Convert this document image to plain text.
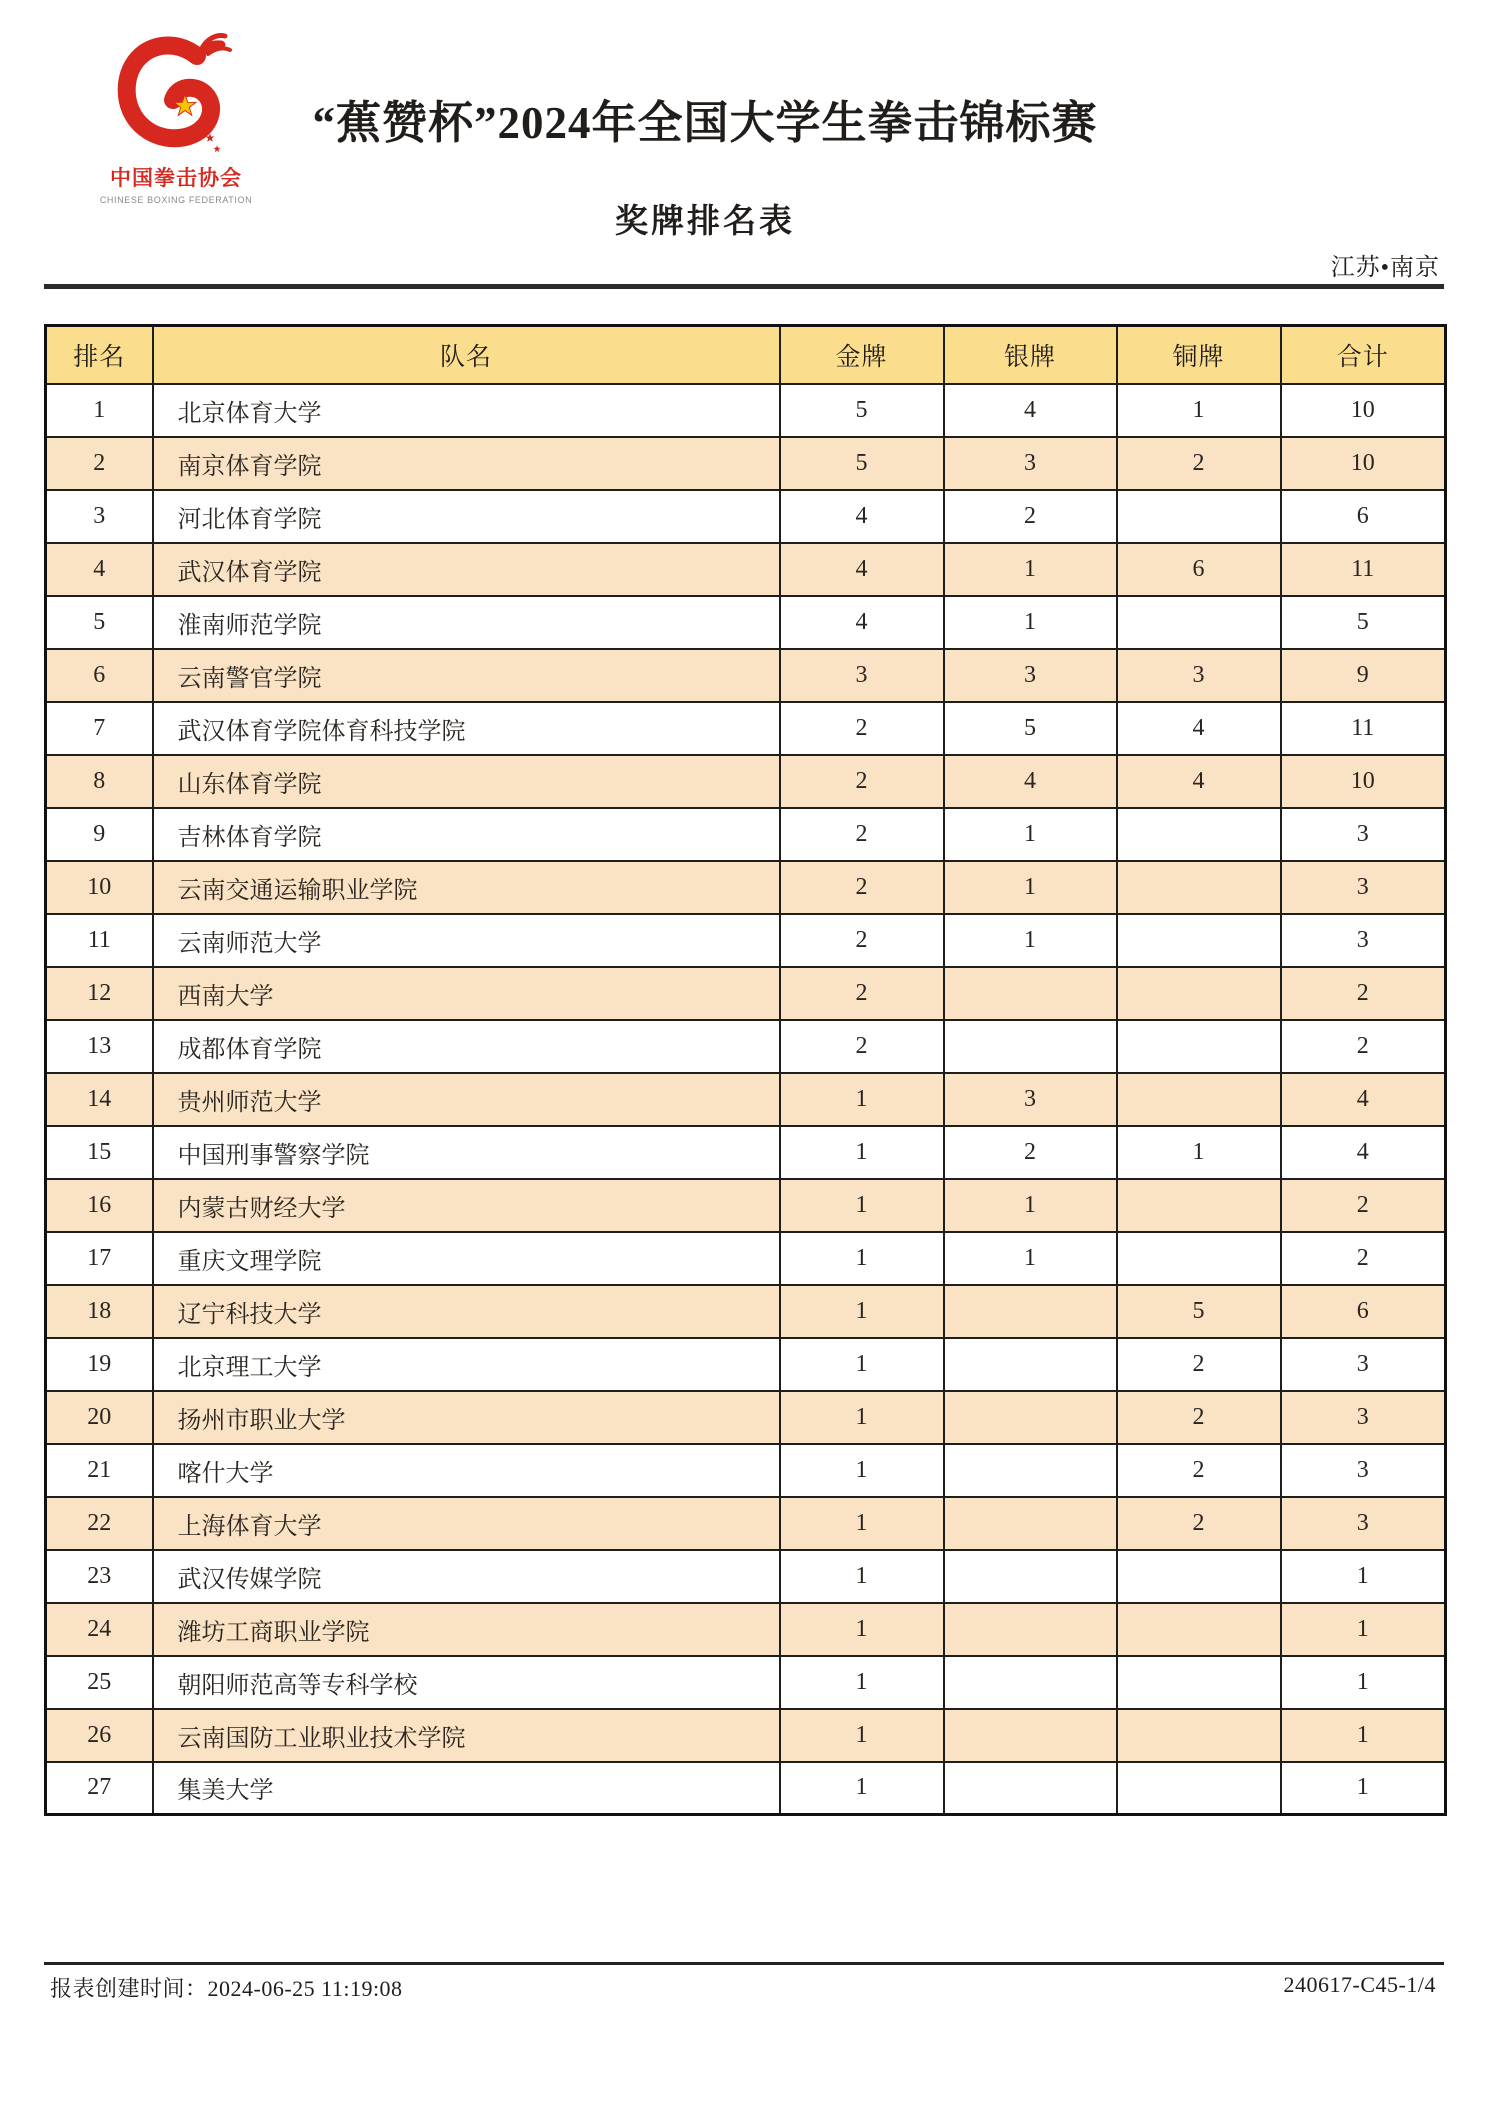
中国拳击协会
CHINESE BOXING FEDERATION
“蕉赞杯”2024年全国大学生拳击锦标赛
奖牌排名表
江苏•南京
排名	队名	金牌	银牌	铜牌	合计
1	北京体育大学	5	4	1	10
2	南京体育学院	5	3	2	10
3	河北体育学院	4	2		6
4	武汉体育学院	4	1	6	11
5	淮南师范学院	4	1		5
6	云南警官学院	3	3	3	9
7	武汉体育学院体育科技学院	2	5	4	11
8	山东体育学院	2	4	4	10
9	吉林体育学院	2	1		3
10	云南交通运输职业学院	2	1		3
11	云南师范大学	2	1		3
12	西南大学	2			2
13	成都体育学院	2			2
14	贵州师范大学	1	3		4
15	中国刑事警察学院	1	2	1	4
16	内蒙古财经大学	1	1		2
17	重庆文理学院	1	1		2
18	辽宁科技大学	1		5	6
19	北京理工大学	1		2	3
20	扬州市职业大学	1		2	3
21	喀什大学	1		2	3
22	上海体育大学	1		2	3
23	武汉传媒学院	1			1
24	潍坊工商职业学院	1			1
25	朝阳师范高等专科学校	1			1
26	云南国防工业职业技术学院	1			1
27	集美大学	1			1
报表创建时间：2024-06-25 11:19:08	240617-C45-1/4
